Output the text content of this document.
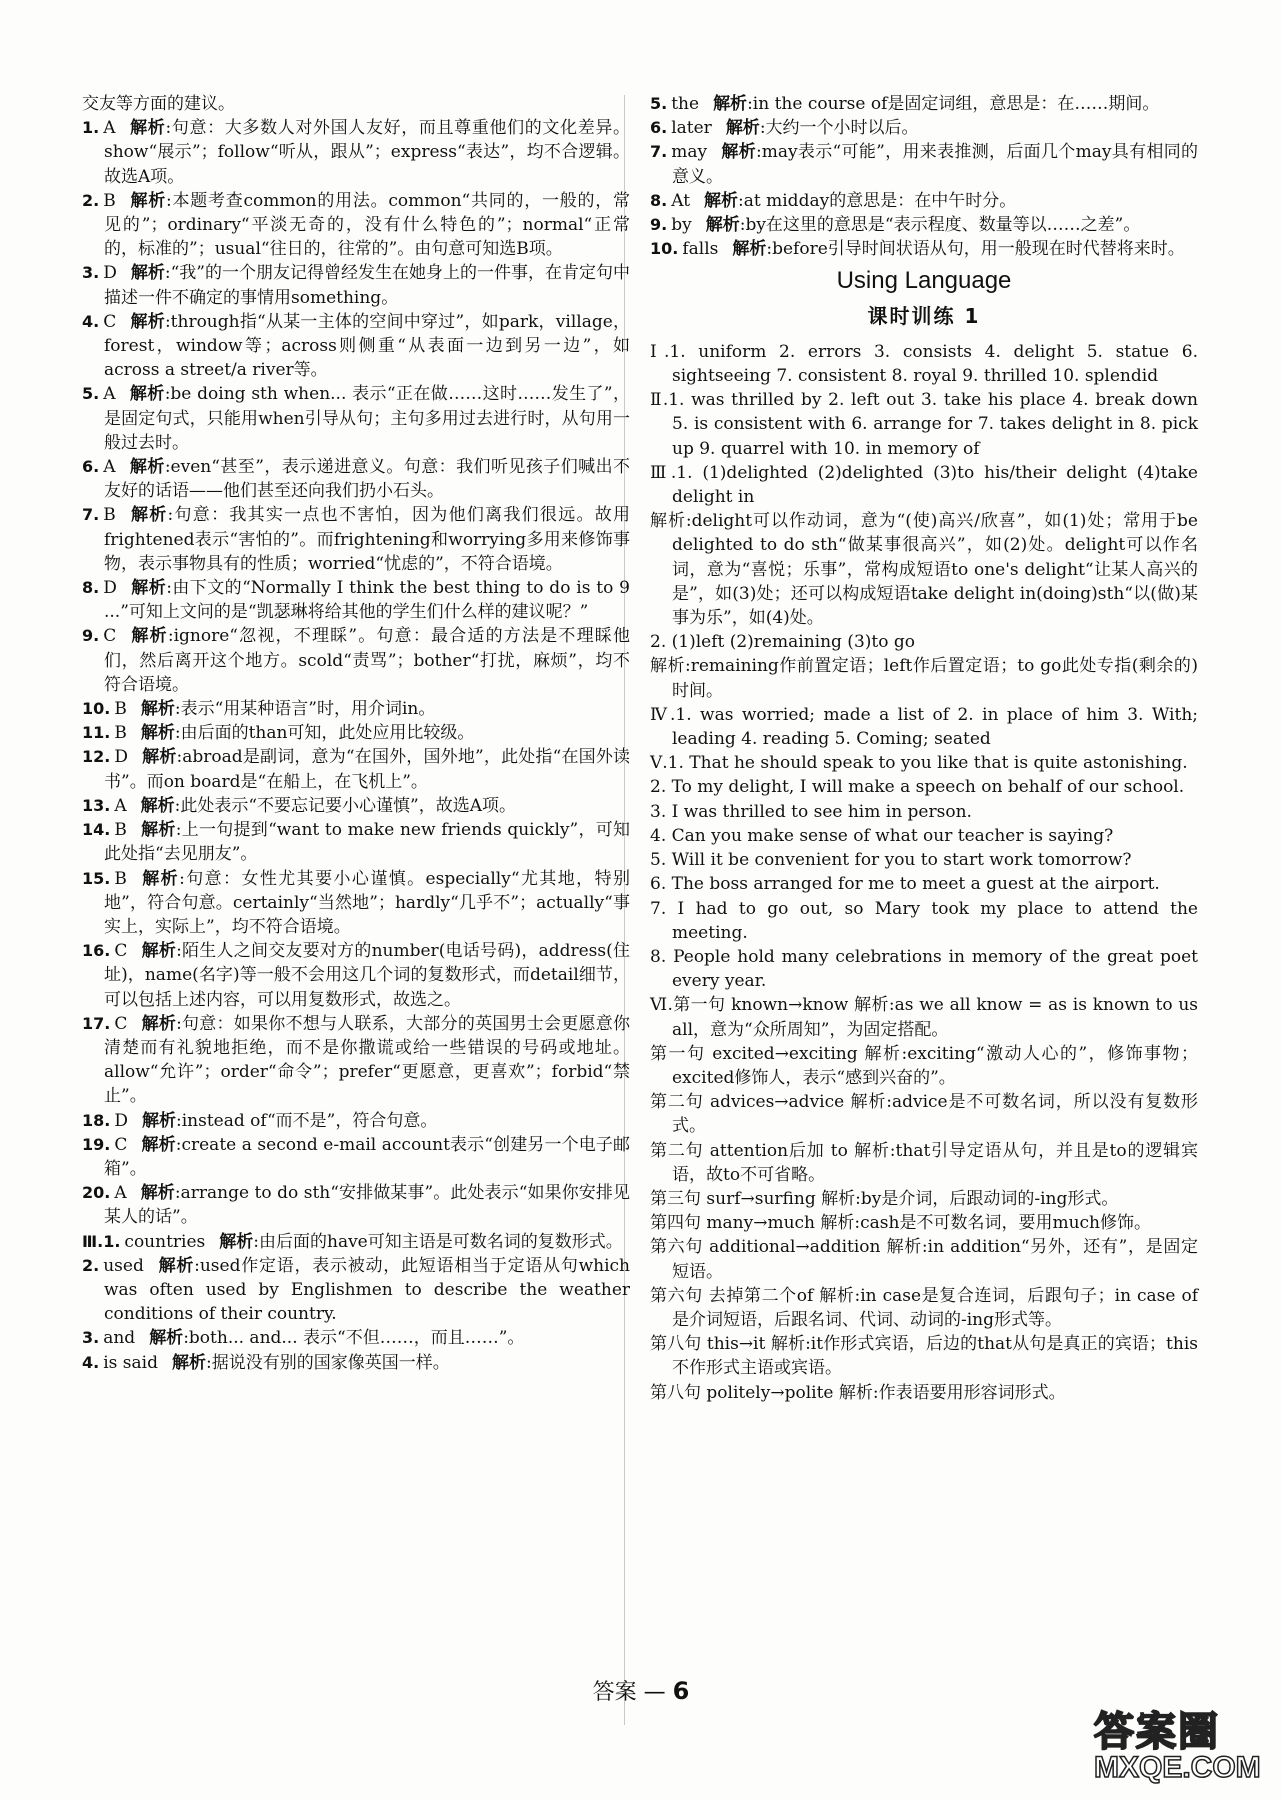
交友等方面的建议。
1. A 解析:句意：大多数人对外国人友好，而且尊重他们的文化差异。show“展示”；follow“听从，跟从”；express“表达”，均不合逻辑。故选A项。
2. B 解析:本题考查common的用法。common“共同的，一般的，常见的”；ordinary“平淡无奇的，没有什么特色的”；normal“正常的，标准的”；usual“往日的，往常的”。由句意可知选B项。
3. D 解析:“我”的一个朋友记得曾经发生在她身上的一件事，在肯定句中描述一件不确定的事情用something。
4. C 解析:through指“从某一主体的空间中穿过”，如park，village，forest，window等；across则侧重“从表面一边到另一边”，如across a street/a river等。
5. A 解析:be doing sth when... 表示“正在做……这时……发生了”，是固定句式，只能用when引导从句；主句多用过去进行时，从句用一般过去时。
6. A 解析:even“甚至”，表示递进意义。句意：我们听见孩子们喊出不友好的话语——他们甚至还向我们扔小石头。
7. B 解析:句意：我其实一点也不害怕，因为他们离我们很远。故用frightened表示“害怕的”。而frightening和worrying多用来修饰事物，表示事物具有的性质；worried“忧虑的”，不符合语境。
8. D 解析:由下文的“Normally I think the best thing to do is to 9 ...”可知上文问的是“凯瑟琳将给其他的学生们什么样的建议呢？”
9. C 解析:ignore“忽视，不理睬”。句意：最合适的方法是不理睬他们，然后离开这个地方。scold“责骂”；bother“打扰，麻烦”，均不符合语境。
10. B 解析:表示“用某种语言”时，用介词in。
11. B 解析:由后面的than可知，此处应用比较级。
12. D 解析:abroad是副词，意为“在国外，国外地”，此处指“在国外读书”。而on board是“在船上，在飞机上”。
13. A 解析:此处表示“不要忘记要小心谨慎”，故选A项。
14. B 解析:上一句提到“want to make new friends quickly”，可知此处指“去见朋友”。
15. B 解析:句意：女性尤其要小心谨慎。especially“尤其地，特别地”，符合句意。certainly“当然地”；hardly“几乎不”；actually“事实上，实际上”，均不符合语境。
16. C 解析:陌生人之间交友要对方的number(电话号码)，address(住址)，name(名字)等一般不会用这几个词的复数形式，而detail细节，可以包括上述内容，可以用复数形式，故选之。
17. C 解析:句意：如果你不想与人联系，大部分的英国男士会更愿意你清楚而有礼貌地拒绝，而不是你撒谎或给一些错误的号码或地址。allow“允许”；order“命令”；prefer“更愿意，更喜欢”；forbid“禁止”。
18. D 解析:instead of“而不是”，符合句意。
19. C 解析:create a second e-mail account表示“创建另一个电子邮箱”。
20. A 解析:arrange to do sth“安排做某事”。此处表示“如果你安排见某人的话”。
Ⅲ.1. countries 解析:由后面的have可知主语是可数名词的复数形式。
2. used 解析:used作定语，表示被动，此短语相当于定语从句which was often used by Englishmen to describe the weather conditions of their country.
3. and 解析:both... and... 表示“不但……，而且……”。
4. is said 解析:据说没有别的国家像英国一样。
5. the 解析:in the course of是固定词组，意思是：在……期间。
6. later 解析:大约一个小时以后。
7. may 解析:may表示“可能”，用来表推测，后面几个may具有相同的意义。
8. At 解析:at midday的意思是：在中午时分。
9. by 解析:by在这里的意思是“表示程度、数量等以……之差”。
10. falls 解析:before引导时间状语从句，用一般现在时代替将来时。
Using Language
课时训练 1
Ⅰ.1. uniform 2. errors 3. consists 4. delight 5. statue 6. sightseeing 7. consistent 8. royal 9. thrilled 10. splendid
Ⅱ.1. was thrilled by 2. left out 3. take his place 4. break down 5. is consistent with 6. arrange for 7. takes delight in 8. pick up 9. quarrel with 10. in memory of
Ⅲ.1. (1)delighted (2)delighted (3)to his/their delight (4)take delight in
解析:delight可以作动词，意为“(使)高兴/欣喜”，如(1)处；常用于be delighted to do sth“做某事很高兴”，如(2)处。delight可以作名词，意为“喜悦；乐事”，常构成短语to one's delight“让某人高兴的是”，如(3)处；还可以构成短语take delight in(doing)sth“以(做)某事为乐”，如(4)处。
2. (1)left (2)remaining (3)to go
解析:remaining作前置定语；left作后置定语；to go此处专指(剩余的)时间。
Ⅳ.1. was worried; made a list of 2. in place of him 3. With; leading 4. reading 5. Coming; seated
Ⅴ.1. That he should speak to you like that is quite astonishing.
2. To my delight, I will make a speech on behalf of our school.
3. I was thrilled to see him in person.
4. Can you make sense of what our teacher is saying?
5. Will it be convenient for you to start work tomorrow?
6. The boss arranged for me to meet a guest at the airport.
7. I had to go out, so Mary took my place to attend the meeting.
8. People hold many celebrations in memory of the great poet every year.
Ⅵ.第一句 known→know 解析:as we all know = as is known to us all，意为“众所周知”，为固定搭配。
第一句 excited→exciting 解析:exciting“激动人心的”，修饰事物；excited修饰人，表示“感到兴奋的”。
第二句 advices→advice 解析:advice是不可数名词，所以没有复数形式。
第二句 attention后加 to 解析:that引导定语从句，并且是to的逻辑宾语，故to不可省略。
第三句 surf→surfing 解析:by是介词，后跟动词的-ing形式。
第四句 many→much 解析:cash是不可数名词，要用much修饰。
第六句 additional→addition 解析:in addition“另外，还有”，是固定短语。
第六句 去掉第二个of 解析:in case是复合连词，后跟句子；in case of是介词短语，后跟名词、代词、动词的-ing形式等。
第八句 this→it 解析:it作形式宾语，后边的that从句是真正的宾语；this不作形式主语或宾语。
第八句 politely→polite 解析:作表语要用形容词形式。
答案 — 6
答案圈
MXQE.COM
